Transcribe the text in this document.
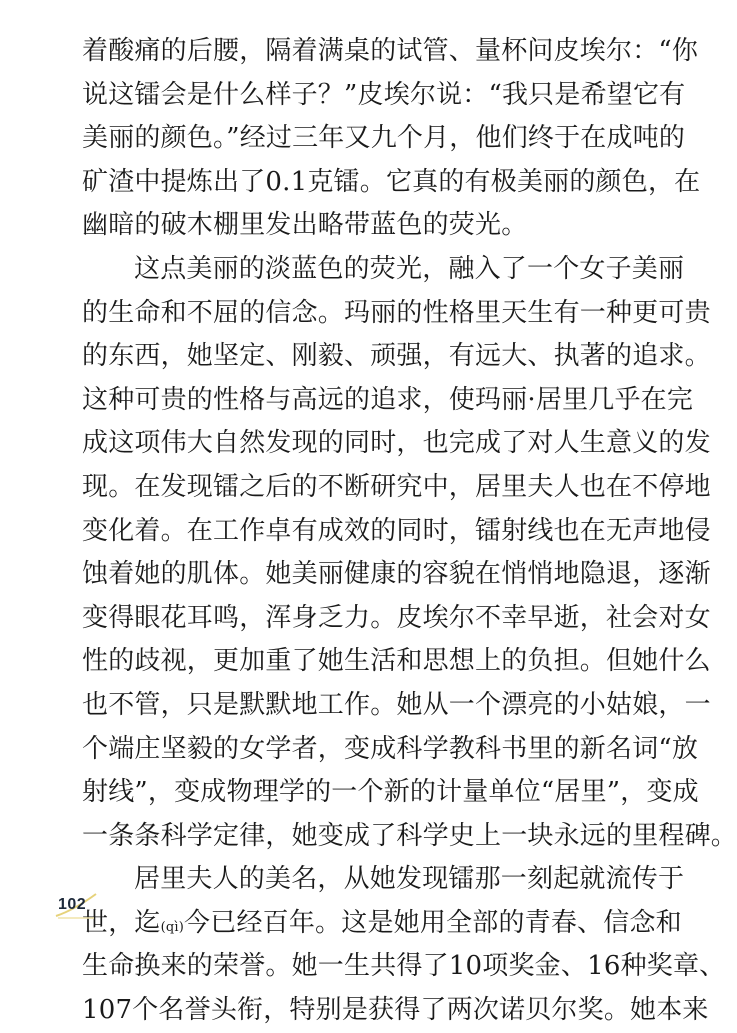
着酸痛的后腰，隔着满桌的试管、量杯问皮埃尔：“你
说这镭会是什么样子？”皮埃尔说：“我只是希望它有
美丽的颜色。”经过三年又九个月，他们终于在成吨的
矿渣中提炼出了0.1克镭。它真的有极美丽的颜色，在
幽暗的破木棚里发出略带蓝色的荧光。
这点美丽的淡蓝色的荧光，融入了一个女子美丽
的生命和不屈的信念。玛丽的性格里天生有一种更可贵
的东西，她坚定、刚毅、顽强，有远大、执著的追求。
这种可贵的性格与高远的追求，使玛丽·居里几乎在完
成这项伟大自然发现的同时，也完成了对人生意义的发
现。在发现镭之后的不断研究中，居里夫人也在不停地
变化着。在工作卓有成效的同时，镭射线也在无声地侵
蚀着她的肌体。她美丽健康的容貌在悄悄地隐退，逐渐
变得眼花耳鸣，浑身乏力。皮埃尔不幸早逝，社会对女
性的歧视，更加重了她生活和思想上的负担。但她什么
也不管，只是默默地工作。她从一个漂亮的小姑娘，一
个端庄坚毅的女学者，变成科学教科书里的新名词“放
射线”，变成物理学的一个新的计量单位“居里”，变成
一条条科学定律，她变成了科学史上一块永远的里程碑。
居里夫人的美名，从她发现镭那一刻起就流传于
世，迄(qì)今已经百年。这是她用全部的青春、信念和
生命换来的荣誉。她一生共得了10项奖金、16种奖章、
107个名誉头衔，特别是获得了两次诺贝尔奖。她本来
102
